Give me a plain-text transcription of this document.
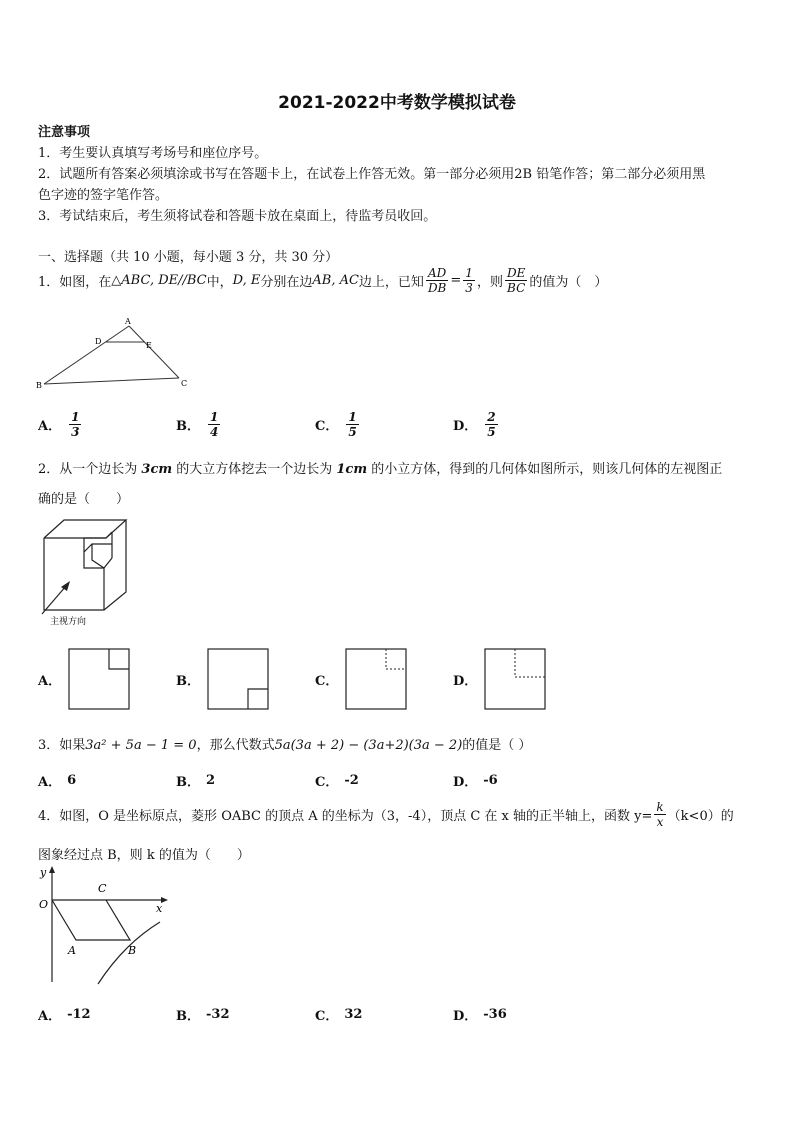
2021-2022中考数学模拟试卷
注意事项
1．考生要认真填写考场号和座位序号。
2．试题所有答案必须填涂或书写在答题卡上，在试卷上作答无效。第一部分必须用2B 铅笔作答；第二部分必须用黑
色字迹的签字笔作答。
3．考试结束后，考生须将试卷和答题卡放在桌面上，待监考员收回。
一、选择题（共 10 小题，每小题 3 分，共 30 分）
1．如图，在 △ABC, DE//BC 中， D, E 分别在边 AB, AC 边上，已知 $\frac{AD}{DB} = \frac{1}{3}$ ，则 $\frac{DE}{BC}$ 的值为（　）
A
D	E
B	C
A． $\frac{1}{3}$	B． $\frac{1}{4}$	C． $\frac{1}{5}$	D． $\frac{2}{5}$
2．从一个边长为 3cm 的大立方体挖去一个边长为 1cm 的小立方体，得到的几何体如图所示，则该几何体的左视图正
确的是（　　）
主视方向
A．	B．	C．	D．
3．如果3a² + 5a − 1 = 0，那么代数式5a(3a + 2) − (3a+2)(3a − 2)的值是（ ）
A． 6	B． 2	C． -2	D． -6
4．如图，O 是坐标原点，菱形 OABC 的顶点 A 的坐标为（3，-4），顶点 C 在 x 轴的正半轴上，函数 $y= \frac{k}{x} (k<0)$的
图象经过点 B，则 k 的值为（　　）
y
O
C
x
A	B
A． -12	B． -32	C． 32	D． -36
